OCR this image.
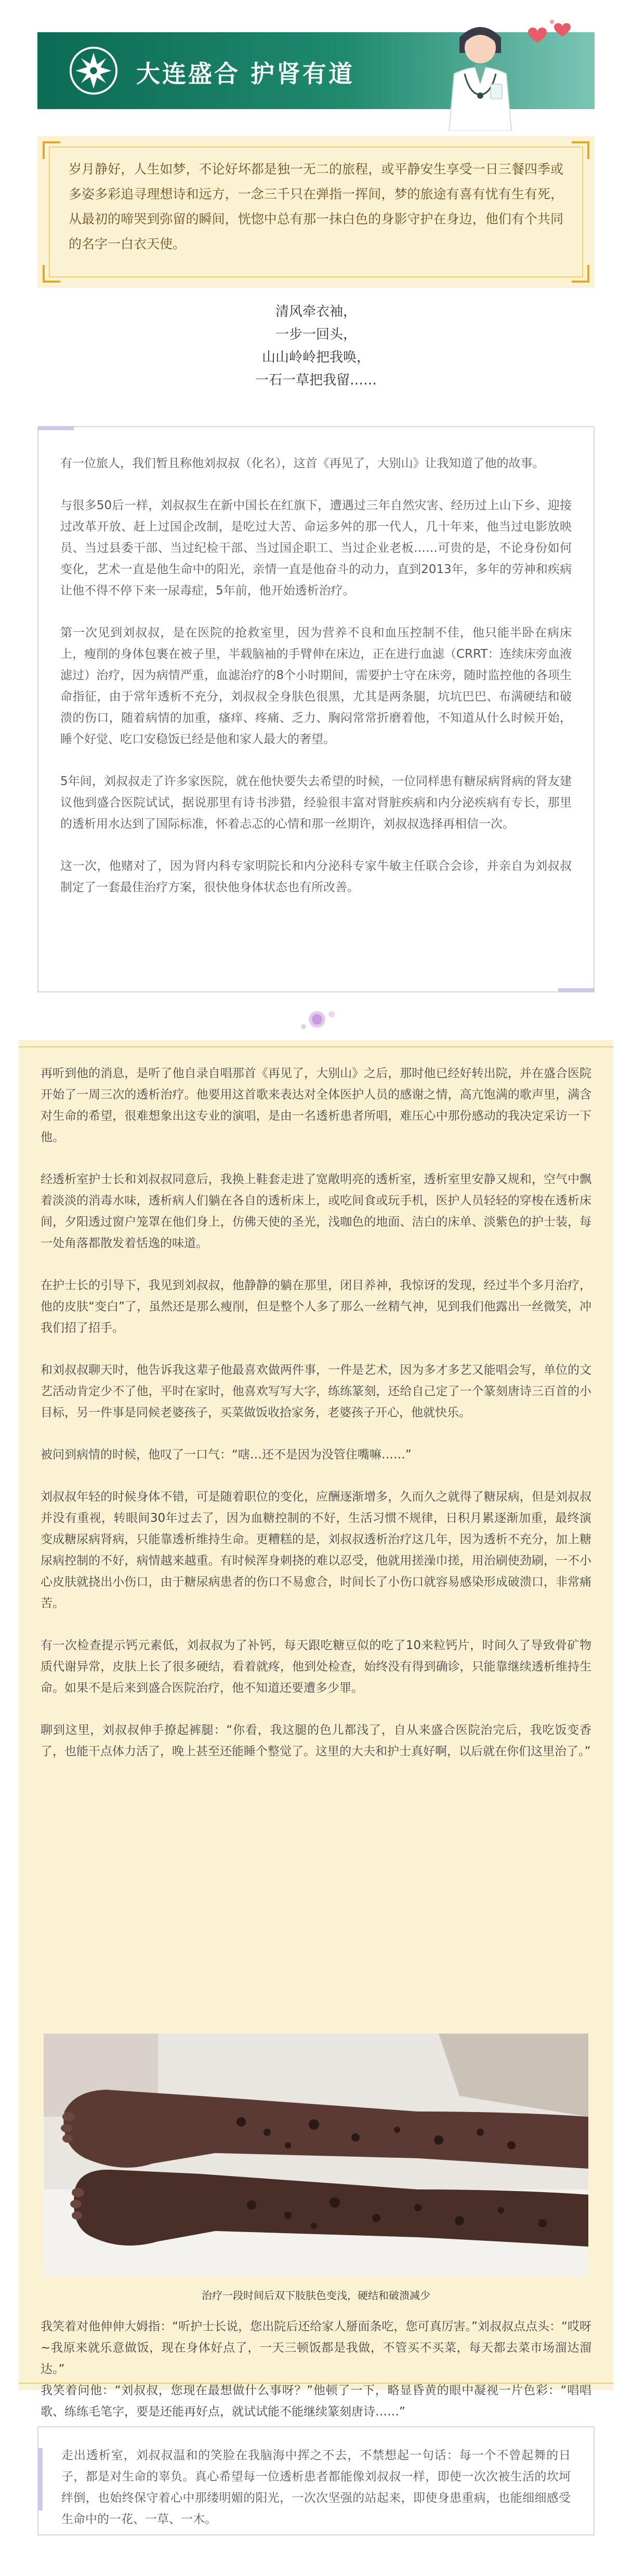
大连盛合 护肾有道

岁月静好，人生如梦，不论好坏都是独一无二的旅程，或平静安生享受一日三餐四季或多姿多彩追寻理想诗和远方，一念三千只在弹指一挥间，梦的旅途有喜有忧有生有死，从最初的啼哭到弥留的瞬间，恍惚中总有那一抹白色的身影守护在身边，他们有个共同的名字一白衣天使。

清风牵衣袖，
一步一回头，
山山岭岭把我唤，
一石一草把我留……

有一位旅人，我们暂且称他刘叔叔（化名），这首《再见了，大别山》让我知道了他的故事。

与很多50后一样，刘叔叔生在新中国长在红旗下，遭遇过三年自然灾害、经历过上山下乡、迎接过改革开放、赶上过国企改制，是吃过大苦、命运多舛的那一代人，几十年来，他当过电影放映员、当过县委干部、当过纪检干部、当过国企职工、当过企业老板……可贵的是，不论身份如何变化，艺术一直是他生命中的阳光，亲情一直是他奋斗的动力，直到2013年，多年的劳神和疾病让他不得不停下来一尿毒症，5年前，他开始透析治疗。

第一次见到刘叔叔，是在医院的抢救室里，因为营养不良和血压控制不佳，他只能半卧在病床上，瘦削的身体包裹在被子里，半载脑袖的手臂伸在床边，正在进行血滤（CRRT：连续床旁血液滤过）治疗，因为病情严重，血滤治疗的8个小时期间，需要护士守在床旁，随时监控他的各项生命指征，由于常年透析不充分，刘叔叔全身肤色很黑，尤其是两条腿，坑坑巴巴、布满硬结和破溃的伤口，随着病情的加重，瘙痒、疼痛、乏力、胸闷常常折磨着他，不知道从什么时候开始，睡个好觉、吃口安稳饭已经是他和家人最大的奢望。

5年间，刘叔叔走了许多家医院，就在他快要失去希望的时候，一位同样患有糖尿病肾病的肾友建议他到盛合医院试试，据说那里有诗书涉猎，经验很丰富对肾脏疾病和内分泌疾病有专长，那里的透析用水达到了国际标准，怀着忐忑的心情和那一丝期许，刘叔叔选择再相信一次。

这一次，他赌对了，因为肾内科专家明院长和内分泌科专家牛敏主任联合会诊，并亲自为刘叔叔制定了一套最佳治疗方案，很快他身体状态也有所改善。

再听到他的消息，是听了他自录自唱那首《再见了，大别山》之后，那时他已经好转出院，并在盛合医院开始了一周三次的透析治疗。他要用这首歌来表达对全体医护人员的感谢之情，高亢饱满的歌声里，满含对生命的希望，很难想象出这专业的演唱，是由一名透析患者所唱，难压心中那份感动的我决定采访一下他。

经透析室护士长和刘叔叔同意后，我换上鞋套走进了宽敞明亮的透析室，透析室里安静又规和，空气中飘着淡淡的消毒水味，透析病人们躺在各自的透析床上，或吃间食或玩手机，医护人员轻轻的穿梭在透析床间，夕阳透过窗户笼罩在他们身上，仿佛天使的圣光，浅咖色的地面、洁白的床单、淡紫色的护士装，每一处角落都散发着恬逸的味道。

在护士长的引导下，我见到刘叔叔，他静静的躺在那里，闭目养神，我惊讶的发现，经过半个多月治疗，他的皮肤“变白”了，虽然还是那么瘦削，但是整个人多了那么一丝精气神，见到我们他露出一丝微笑，冲我们招了招手。

和刘叔叔聊天时，他告诉我这辈子他最喜欢做两件事，一件是艺术，因为多才多艺又能唱会写，单位的文艺活动肯定少不了他，平时在家时，他喜欢写写大字，练练篆刻，还给自己定了一个篆刻唐诗三百首的小目标，另一件事是同候老婆孩子，买菜做饭收拾家务，老婆孩子开心，他就快乐。

被问到病情的时候，他叹了一口气：“嗐…还不是因为没管住嘴嘛……”

刘叔叔年轻的时候身体不错，可是随着职位的变化，应酬逐渐增多，久而久之就得了糖尿病，但是刘叔叔并没有重视，转眼间30年过去了，因为血糖控制的不好，生活习惯不规律，日积月累逐渐加重，最终演变成糖尿病肾病，只能靠透析维持生命。更糟糕的是，刘叔叔透析治疗这几年，因为透析不充分，加上糖尿病控制的不好，病情越来越重。有时候浑身刺挠的难以忍受，他就用搓澡巾搓，用治刷使劲刷，一不小心皮肤就挠出小伤口，由于糖尿病患者的伤口不易愈合，时间长了小伤口就容易感染形成破溃口，非常痛苦。

有一次检查提示钙元素低，刘叔叔为了补钙，每天跟吃糖豆似的吃了10来粒钙片，时间久了导致骨矿物质代谢异常，皮肤上长了很多硬结，看着就疼，他到处检查，始终没有得到确诊，只能靠继续透析维持生命。如果不是后来到盛合医院治疗，他不知道还要遭多少罪。

聊到这里，刘叔叔伸手撩起裤腿：“你看，我这腿的色儿都浅了，自从来盛合医院治完后，我吃饭变香了，也能干点体力活了，晚上甚至还能睡个整觉了。这里的大夫和护士真好啊，以后就在你们这里治了。”

治疗一段时间后双下肢肤色变浅，硬结和破溃减少

我笑着对他伸伸大姆指：“听护士长说，您出院后还给家人掰面条吃，您可真厉害。”刘叔叔点点头：“哎呀~我原来就乐意做饭，现在身体好点了，一天三顿饭都是我做，不管买不买菜，每天都去菜市场溜达溜达。”

我笑着问他：“刘叔叔，您现在最想做什么事呀？”他顿了一下，略显昏黄的眼中凝视一片色彩：“唱唱歌、练练毛笔字，要是还能再好点，就试试能不能继续篆刻唐诗……”

走出透析室，刘叔叔温和的笑脸在我脑海中挥之不去，不禁想起一句话：每一个不曾起舞的日子，都是对生命的辜负。真心希望每一位透析患者都能像刘叔叔一样，即使一次次被生活的坎坷绊倒，也始终保守着心中那缕明媚的阳光，一次次坚强的站起来，即使身患重病，也能细细感受生命中的一花、一草、一木。
